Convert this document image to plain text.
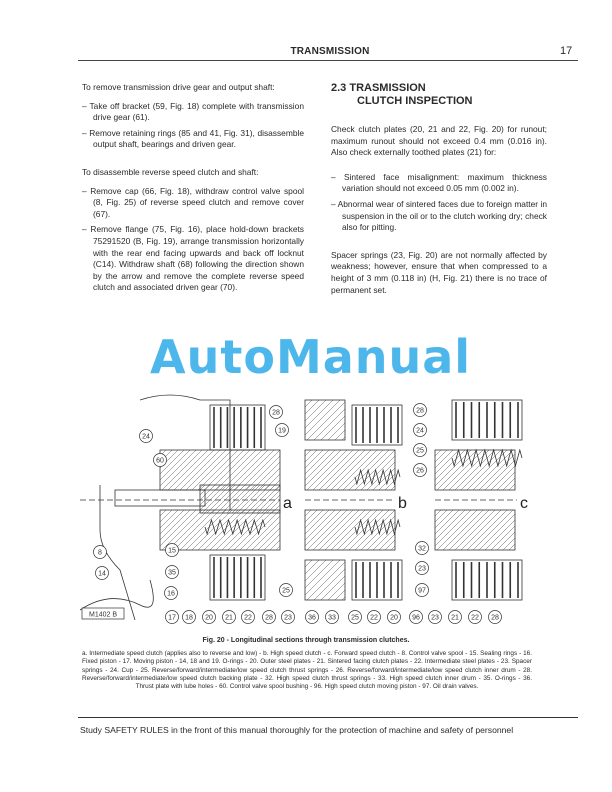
TRANSMISSION	17

To remove transmission drive gear and output shaft:

– Take off bracket (59, Fig. 18) complete with transmission drive gear (61).

– Remove retaining rings (85 and 41, Fig. 31), disassemble output shaft, bearings and driven gear.

To disassemble reverse speed clutch and shaft:

– Remove cap (66, Fig. 18), withdraw control valve spool (8, Fig. 25) of reverse speed clutch and remove cover (67).

– Remove flange (75, Fig. 16), place hold-down brackets 75291520 (B, Fig. 19), arrange transmission horizontally with the rear end facing upwards and back off locknut (C14). Withdraw shaft (68) following the direction shown by the arrow and remove the complete reverse speed clutch and associated driven gear (70).

2.3 TRASMISSION
CLUTCH INSPECTION

Check clutch plates (20, 21 and 22, Fig. 20) for runout; maximum runout should not exceed 0.4 mm (0.016 in). Also check externally toothed plates (21) for:

– Sintered face misalignment: maximum thickness variation should not exceed 0.05 mm (0.002 in).

– Abnormal wear of sintered faces due to foreign matter in suspension in the oil or to the clutch working dry; check also for pitting.

Spacer springs (23, Fig. 20) are not normally affected by weakness; however, ensure that when compressed to a height of 3 mm (0.118 in) (H, Fig. 21) there is no trace of permanent set.

AutoManual
28
19
24
60
8	15
14	35
16	25
17 18 20 21 22 28 23 36 33 25 22 20 96 23 21 22 28
32
23
97
28
24
25
26
M1402 B
a	b	c
Fig. 20 - Longitudinal sections through transmission clutches.
a. Intermediate speed clutch (applies also to reverse and low) - b. High speed clutch - c. Forward speed clutch - 8. Control valve spool - 15. Sealing rings - 16. Fixed piston - 17. Moving piston - 14, 18 and 19. O-rings - 20. Outer steel plates - 21. Sintered facing clutch plates - 22. Intermediate steel plates - 23. Spacer springs - 24. Cup - 25. Reverse/forward/intermediate/low speed clutch thrust springs - 26. Reverse/forward/intermediate/low speed clutch inner drum - 28. Reverse/forward/intermediate/low speed clutch backing plate - 32. High speed clutch thrust springs - 33. High speed clutch inner drum - 35. O-rings - 36. Thrust plate with lube holes - 60. Control valve spool bushing - 96. High speed clutch moving piston - 97. Oil drain valves.
Study SAFETY RULES in the front of this manual thoroughly for the protection of machine and safety of personnel
